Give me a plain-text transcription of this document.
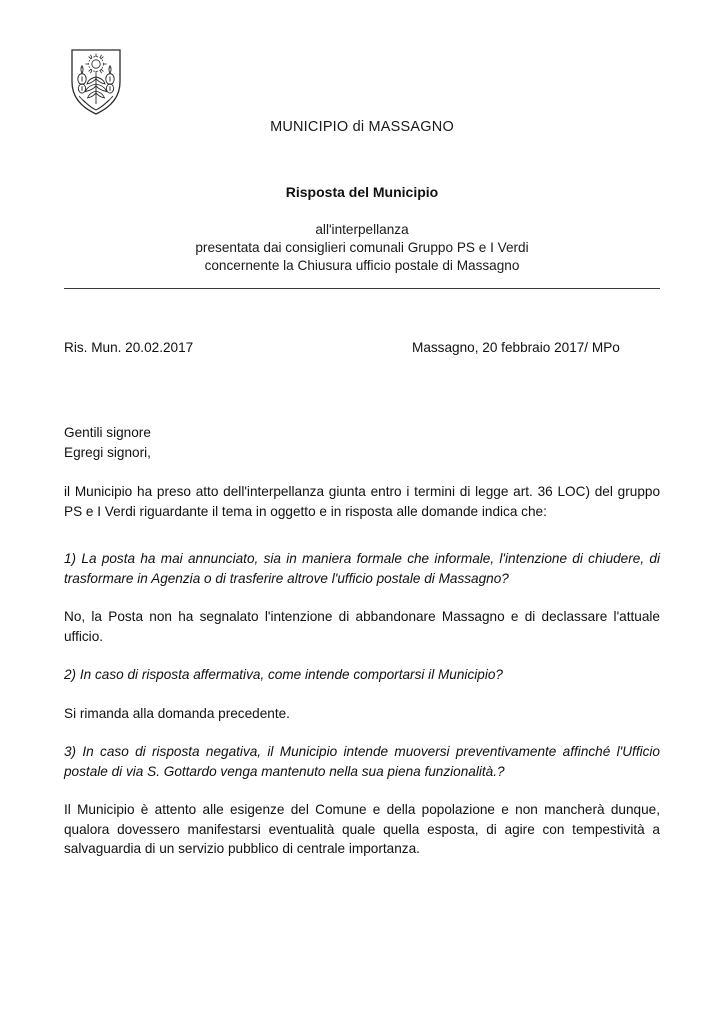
MUNICIPIO di MASSAGNO
Risposta del Municipio
all'interpellanza
presentata dai consiglieri comunali Gruppo PS e I Verdi
concernente la Chiusura ufficio postale di Massagno
Ris. Mun. 20.02.2017	Massagno, 20 febbraio 2017/ MPo
Gentili signore
Egregi signori,

il Municipio ha preso atto dell'interpellanza giunta entro i termini di legge art. 36 LOC) del gruppo PS e I Verdi riguardante il tema in oggetto e in risposta alle domande indica che:

1) La posta ha mai annunciato, sia in maniera formale che informale, l'intenzione di chiudere, di trasformare in Agenzia o di trasferire altrove l'ufficio postale di Massagno?

No, la Posta non ha segnalato l'intenzione di abbandonare Massagno e di declassare l'attuale ufficio.

2) In caso di risposta affermativa, come intende comportarsi il Municipio?

Si rimanda alla domanda precedente.

3) In caso di risposta negativa, il Municipio intende muoversi preventivamente affinché l'Ufficio postale di via S. Gottardo venga mantenuto nella sua piena funzionalità.?

Il Municipio è attento alle esigenze del Comune e della popolazione e non mancherà dunque, qualora dovessero manifestarsi eventualità quale quella esposta, di agire con tempestività a salvaguardia di un servizio pubblico di centrale importanza.
